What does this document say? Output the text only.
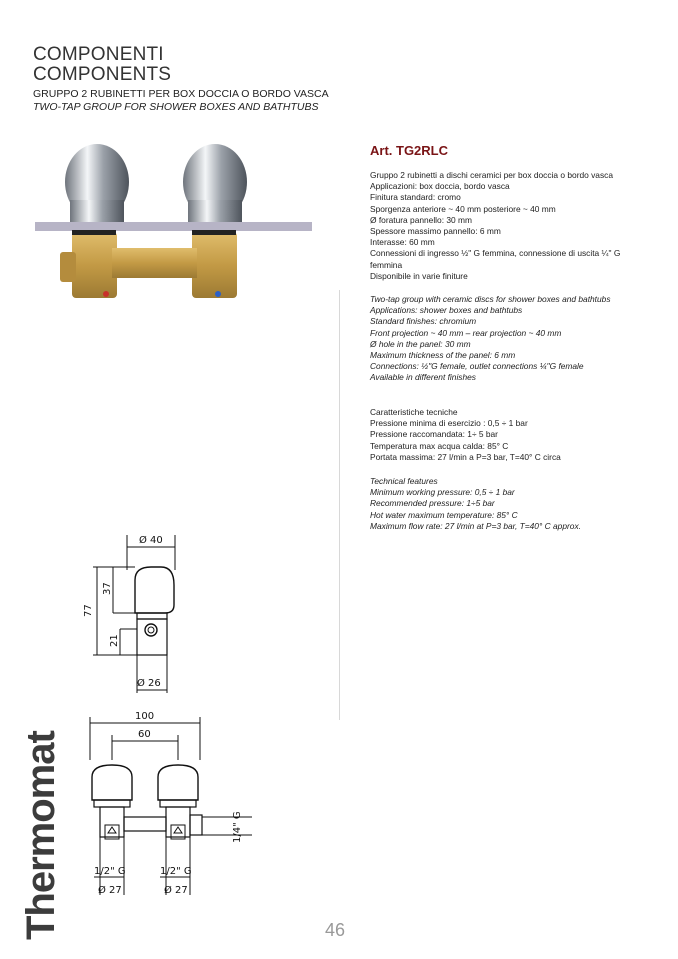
COMPONENTI
COMPONENTS
GRUPPO 2 RUBINETTI PER BOX DOCCIA O BORDO VASCA
TWO-TAP GROUP FOR SHOWER BOXES AND BATHTUBS
Art. TG2RLC
Gruppo 2 rubinetti a dischi ceramici per box doccia o bordo vasca
Applicazioni: box doccia, bordo vasca
Finitura standard: cromo
Sporgenza anteriore ~ 40 mm posteriore ~ 40 mm
Ø foratura pannello: 30 mm
Spessore massimo pannello: 6 mm
Interasse: 60 mm
Connessioni di ingresso ½" G femmina, connessione di uscita ¼" G
femmina
Disponibile in varie finiture
Two-tap group with ceramic discs for shower boxes and bathtubs
Applications: shower boxes and bathtubs
Standard finishes: chromium
Front projection ~ 40 mm – rear projection ~ 40 mm
Ø hole in the panel: 30 mm
Maximum thickness of the panel: 6 mm
Connections: ½"G female, outlet connections ¼"G female
Available in different finishes
Caratteristiche tecniche
Pressione minima di esercizio : 0,5 ÷ 1 bar
Pressione raccomandata: 1÷ 5 bar
Temperatura max acqua calda: 85° C
Portata massima: 27 l/min a P=3 bar, T=40° C circa
Technical features
Minimum working pressure: 0,5 ÷ 1 bar
Recommended pressure: 1÷5 bar
Hot water maximum temperature: 85° C
Maximum flow rate: 27 l/min at P=3 bar, T=40° C approx.
Ø 40
77
37
21
Ø 26
100
60
1/4" G
1/2" G	1/2" G
Ø 27	Ø 27
Thermomat	46
